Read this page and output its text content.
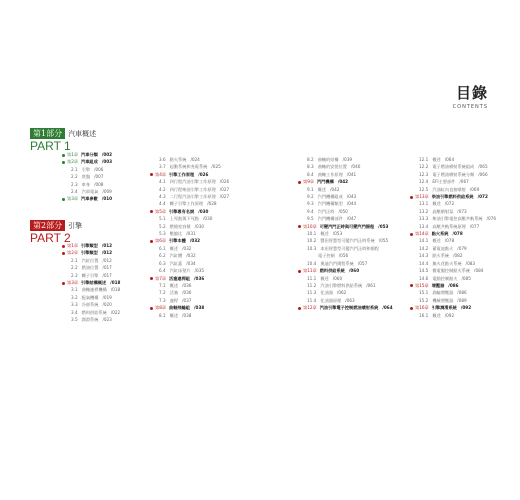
目錄
CONTENTS
第1部分 汽車概述
PART 1
第2部分 引擎
PART 2
第1章 汽車分類 /002
第2章 汽車組成 /003
2.1 引擎 /006
2.2 底盤 /007
2.3 車身 /008
2.4 汽車電氣 /009
第3章 汽車參數 /010
第1章 引擎類型 /012
第2章 引擎類型 /012
2.1 汽缸位置 /012
2.2 燃油位置 /017
2.3 轉子引擎 /017
第3章 引擎結構概述 /018
3.1 曲軸連桿機構 /018
3.2 配氣機構 /019
3.3 冷卻系統 /020
3.4 燃料供給系統 /022
3.5 潤滑系統 /023
3.6 點火系統 /024
3.7 起動系統和充電系統 /025
第4章 引擎工作原理 /026
4.1 四行程汽油引擎工作原理 /026
4.2 四行程柴油引擎工作原理 /027
4.3 二行程汽油引擎工作原理 /027
4.4 轉子引擎工作原理 /028
第5章 引擎專有名詞 /030
5.1 上死點與下死點 /030
5.2 燃燒室容積 /030
5.3 壓縮比 /031
第6章 引擎本體 /032
6.1 概述 /032
6.2 汽缸體 /032
6.3 汽缸蓋 /034
6.4 汽缸床墊片 /035
第7章 活塞連桿組 /036
7.1 概述 /036
7.2 活塞 /036
7.3 連桿 /037
第8章 曲軸飛輪組 /038
8.1 概述 /038
8.2 曲軸的結構 /039
8.3 曲軸的安裝位置 /040
8.4 曲軸工作原理 /041
第9章 汽門機構 /042
9.1 概述 /042
9.2 汽門機構組成 /043
9.3 汽門機構類型 /044
9.4 汽門正時 /050
9.5 汽門機構部件 /047
第10章 可變汽門正時與可變汽門揚程 /053
10.1 概述 /053
10.2 豐田智慧型可變汽門正時系統 /055
10.3 本田智慧型可變汽門正時和揚程
電子控制 /056
10.4 奧迪汽門揚程系統 /057
第11章 燃料供給系統 /060
11.1 概述 /060
11.2 汽油引擎燃料供給系統 /061
11.3 化油器 /062
11.4 化油器原理 /063
第12章 汽油引擎電子控制燃油噴射系統 /064
12.1 概述 /064
12.2 電子燃油噴射系統組成 /065
12.3 電子燃油噴射系統分類 /066
12.4 EFI主要部件 /067
12.5 汽油缸內直接噴射 /069
第13章 柴油引擎燃料供給系統 /072
13.1 概述 /072
13.2 高壓噴射泵 /073
13.3 柴油引擎電控高壓共軌系統 /076
13.4 高壓共軌系統原理 /077
第14章 點火系統 /078
14.1 概述 /078
14.2 蓄電池點火 /079
14.3 點火系統 /082
14.4 無火花點火系統 /083
14.5 微電腦控制點火系統 /084
14.6 電腦控制點火 /085
第15章 增壓器 /086
15.1 渦輪增壓器 /086
15.2 機械增壓器 /089
第16章 引擎潤滑系統 /092
16.1 概述 /092
